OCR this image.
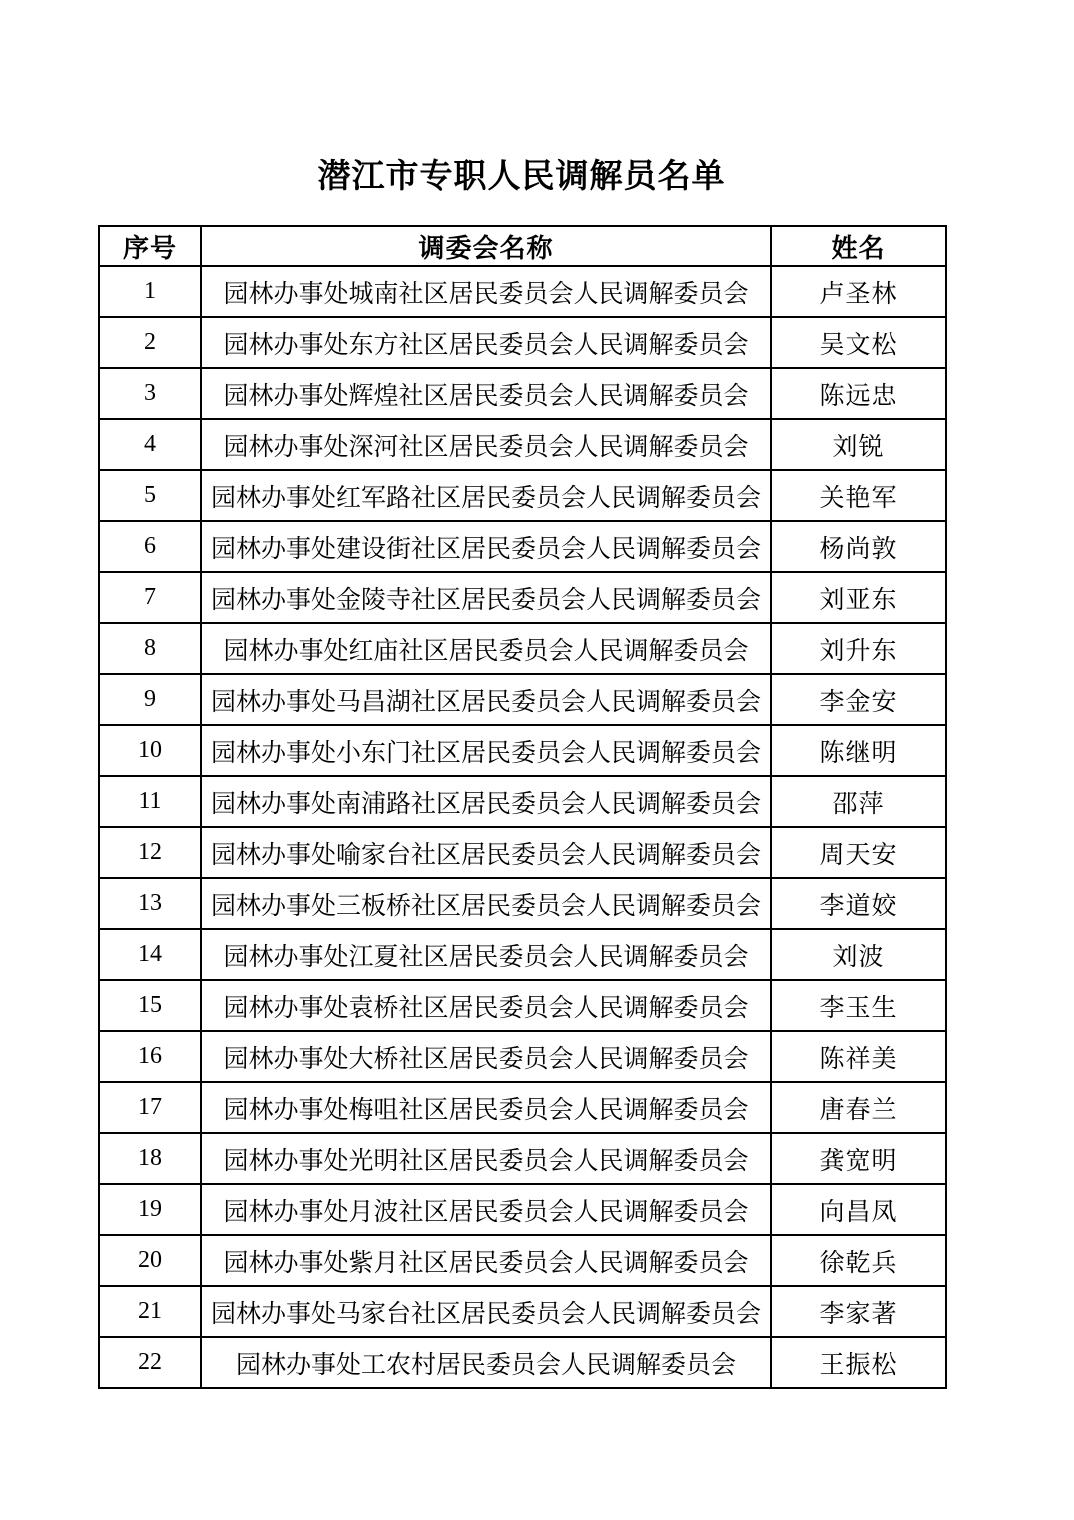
潜江市专职人民调解员名单
序号	调委会名称	姓名
1	园林办事处城南社区居民委员会人民调解委员会	卢圣林
2	园林办事处东方社区居民委员会人民调解委员会	吴文松
3	园林办事处辉煌社区居民委员会人民调解委员会	陈远忠
4	园林办事处深河社区居民委员会人民调解委员会	刘锐
5	园林办事处红军路社区居民委员会人民调解委员会	关艳军
6	园林办事处建设街社区居民委员会人民调解委员会	杨尚敦
7	园林办事处金陵寺社区居民委员会人民调解委员会	刘亚东
8	园林办事处红庙社区居民委员会人民调解委员会	刘升东
9	园林办事处马昌湖社区居民委员会人民调解委员会	李金安
10	园林办事处小东门社区居民委员会人民调解委员会	陈继明
11	园林办事处南浦路社区居民委员会人民调解委员会	邵萍
12	园林办事处喻家台社区居民委员会人民调解委员会	周天安
13	园林办事处三板桥社区居民委员会人民调解委员会	李道姣
14	园林办事处江夏社区居民委员会人民调解委员会	刘波
15	园林办事处袁桥社区居民委员会人民调解委员会	李玉生
16	园林办事处大桥社区居民委员会人民调解委员会	陈祥美
17	园林办事处梅咀社区居民委员会人民调解委员会	唐春兰
18	园林办事处光明社区居民委员会人民调解委员会	龚宽明
19	园林办事处月波社区居民委员会人民调解委员会	向昌凤
20	园林办事处紫月社区居民委员会人民调解委员会	徐乾兵
21	园林办事处马家台社区居民委员会人民调解委员会	李家著
22	园林办事处工农村居民委员会人民调解委员会	王振松
